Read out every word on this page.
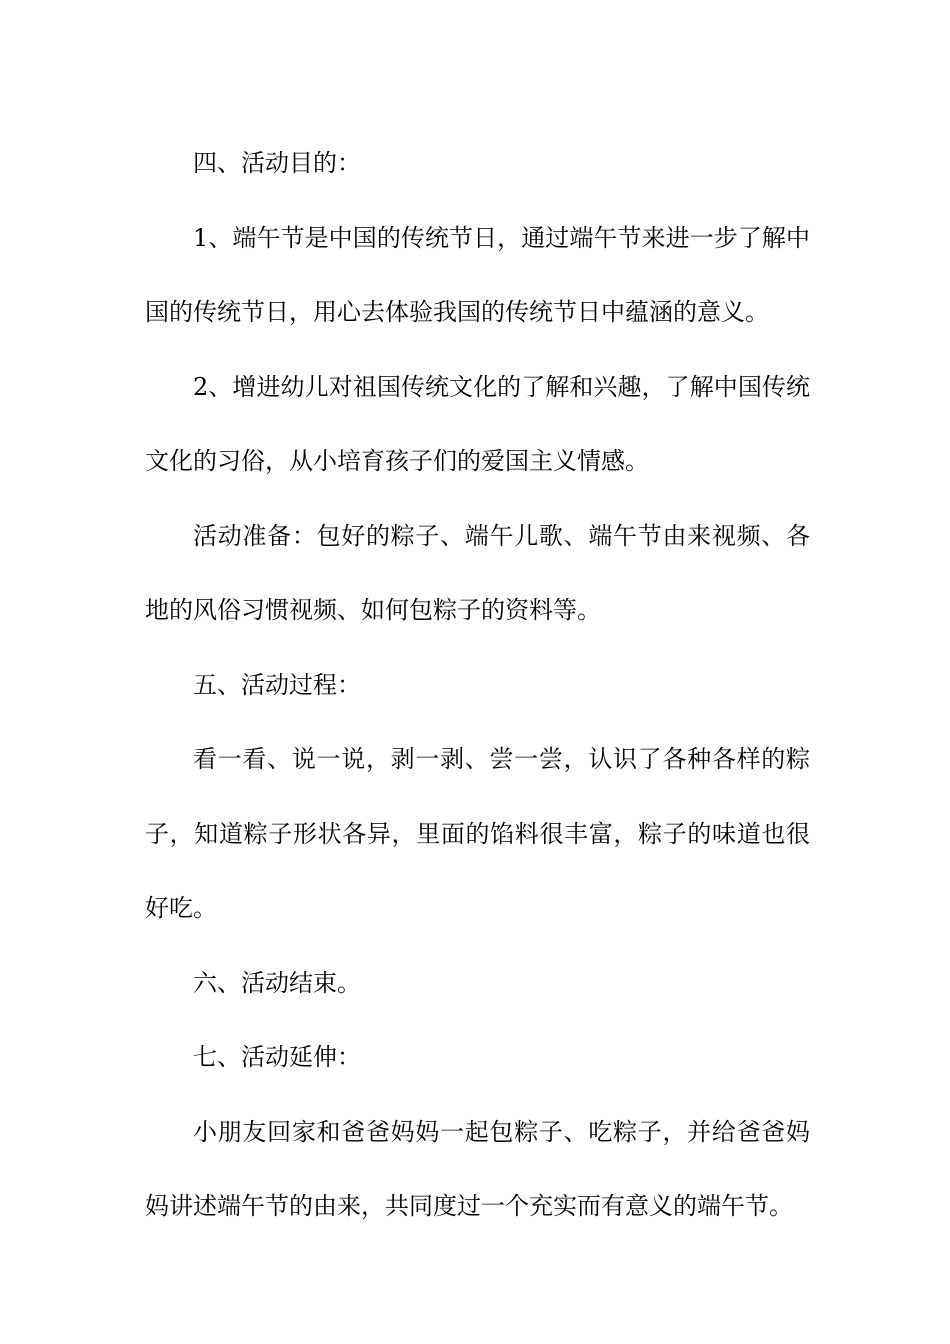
四、活动目的：

1、端午节是中国的传统节日，通过端午节来进一步了解中国的传统节日，用心去体验我国的传统节日中蕴涵的意义。

2、增进幼儿对祖国传统文化的了解和兴趣，了解中国传统文化的习俗，从小培育孩子们的爱国主义情感。

活动准备：包好的粽子、端午儿歌、端午节由来视频、各地的风俗习惯视频、如何包粽子的资料等。

五、活动过程：

看一看、说一说，剥一剥、尝一尝，认识了各种各样的粽子，知道粽子形状各异，里面的馅料很丰富，粽子的味道也很好吃。

六、活动结束。

七、活动延伸：

小朋友回家和爸爸妈妈一起包粽子、吃粽子，并给爸爸妈妈讲述端午节的由来，共同度过一个充实而有意义的端午节。
